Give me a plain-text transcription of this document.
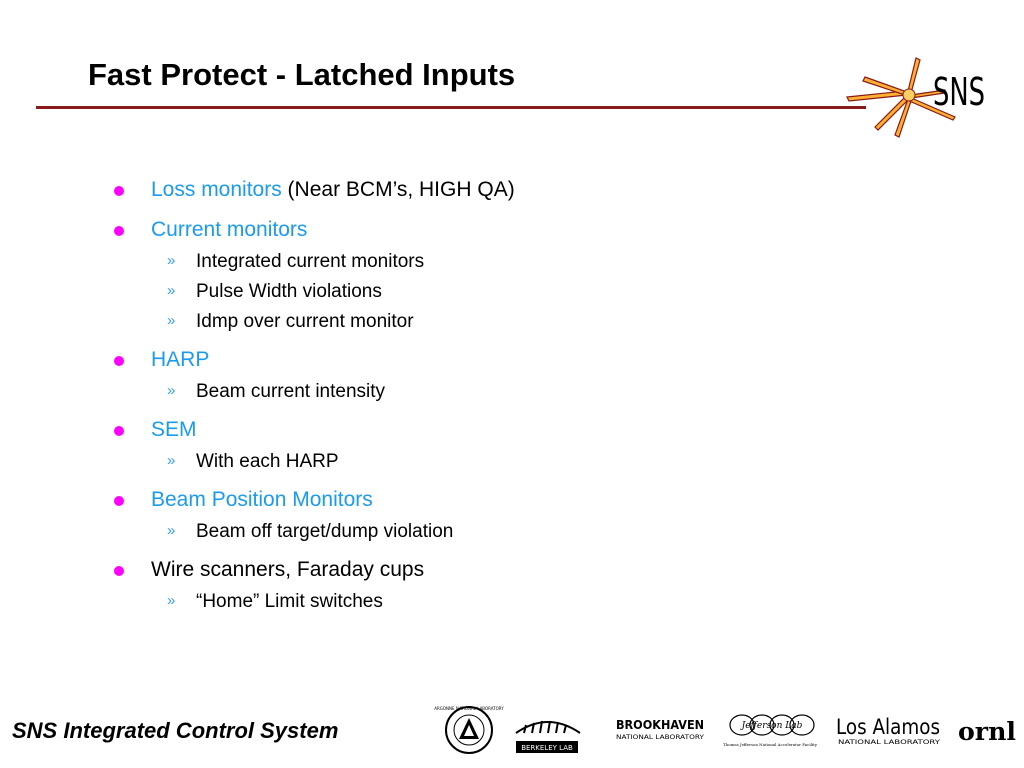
Fast Protect - Latched Inputs	SNS
Loss monitors (Near BCM’s, HIGH QA)
Current monitors
» Integrated current monitors
» Pulse Width violations
» Idmp over current monitor
HARP
» Beam current intensity
SEM
» With each HARP
Beam Position Monitors
» Beam off target/dump violation
Wire scanners, Faraday cups
» “Home” Limit switches
SNS Integrated Control System
ARGONNE NATIONAL LABORATORY
BERKELEY LAB
BROOKHAVEN
NATIONAL LABORATORY
Jefferson Lab
Thomas Jefferson National Accelerator Facility
Los Alamos
NATIONAL LABORATORY ornl
